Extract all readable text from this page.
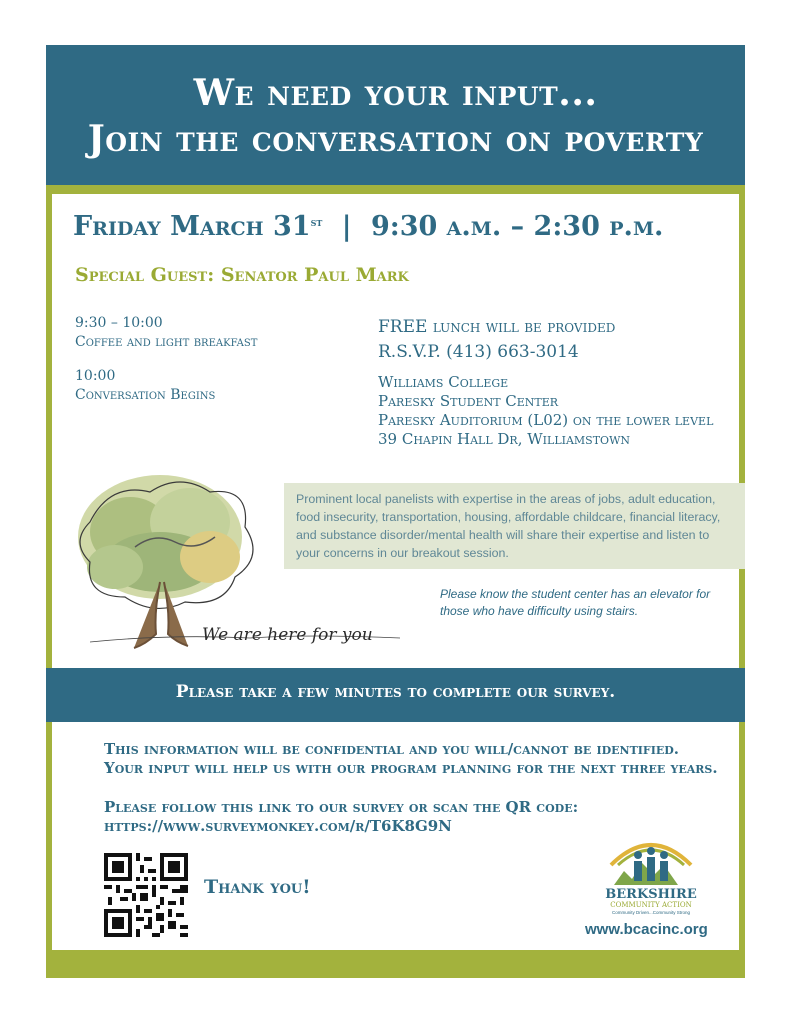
We need your input...
Join the conversation on poverty
Friday March 31st | 9:30 a.m. – 2:30 p.m.
Special Guest: Senator Paul Mark
9:30 – 10:00
Coffee and light breakfast
10:00
Conversation Begins
FREE lunch will be provided
R.S.V.P. (413) 663-3014
Williams College
Paresky Student Center
Paresky Auditorium (L02) on the lower level
39 Chapin Hall Dr, Williamstown
We are here for you
Prominent local panelists with expertise in the areas of jobs, adult education, food insecurity, transportation, housing, affordable childcare, financial literacy, and substance disorder/mental health will share their expertise and listen to your concerns in our breakout session.
Please know the student center has an elevator for those who have difficulty using stairs.
Please take a few minutes to complete our survey.
This information will be confidential and you will/cannot be identified.
Your input will help us with our program planning for the next three years.
Please follow this link to our survey or scan the QR code:
https://www.surveymonkey.com/r/T6K8G9N
Thank you!	BERKSHIRE
COMMUNITY ACTION
Community Driven...Community Strong
www.bcacinc.org
